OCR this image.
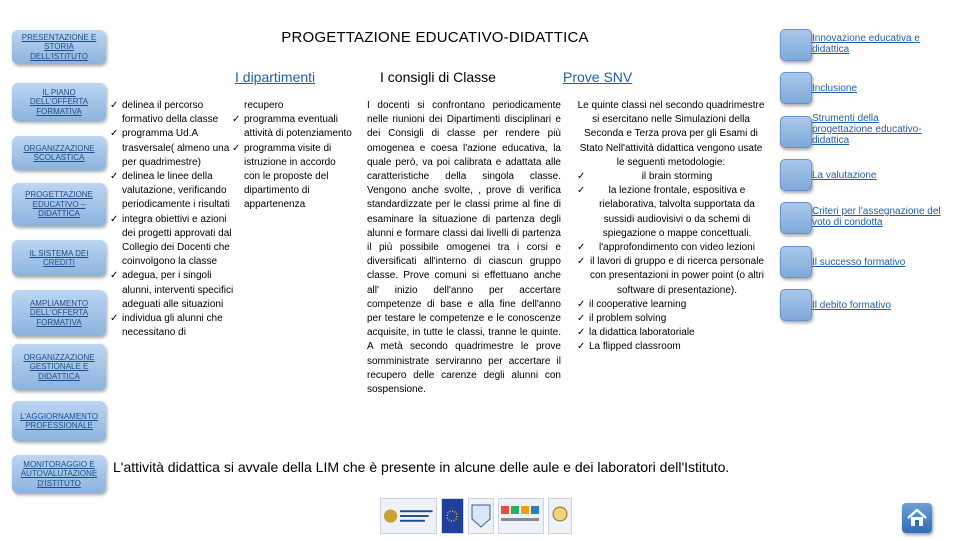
PRESENTAZIONE E STORIA DELL'ISTITUTO
IL PIANO DELL'OFFERTA FORMATIVA
ORGANIZZAZIONE SCOLASTICA
PROGETTAZIONE EDUCATIVO – DIDATTICA
IL SISTEMA DEI CREDITI
AMPLIAMENTO DELL'OFFERTA FORMATIVA
ORGANIZZAZIONE GESTIONALE E DIDATTICA
L'AGGIORNAMENTO PROFESSIONALE
MONITORAGGIO E AUTOVALUTAZIONE D'ISTITUTO
PROGETTAZIONE EDUCATIVO-DIDATTICA
I dipartimenti	I consigli di Classe	Prove SNV
✓ delinea il percorso formativo della classe
✓ programma Ud.A trasversale( almeno una per quadrimestre)
✓ delinea le linee della valutazione, verificando periodicamente i risultati
✓ integra obiettivi e azioni dei progetti approvati dal Collegio dei Docenti che coinvolgono la classe
✓ adegua, per i singoli alunni, interventi specifici adeguati alle situazioni
✓ individua gli alunni che necessitano di
recupero
✓ programma eventuali attività di potenziamento
✓ programma visite di istruzione in accordo con le proposte del dipartimento di appartenenza
I docenti si confrontano periodicamente nelle riunioni dei Dipartimenti disciplinari e dei Consigli di classe per rendere più omogenea e coesa l'azione educativa, la quale però, va poi calibrata e adattata alle caratteristiche della singola classe. Vengono anche svolte, , prove di verifica standardizzate per le classi prime al fine di esaminare la situazione di partenza degli alunni e formare classi dai livelli di partenza il più possibile omogenei tra i corsi e diversificati all'interno di ciascun gruppo classe. Prove comuni si effettuano anche all' inizio dell'anno per accertare competenze di base e alla fine dell'anno per testare le competenze e le conoscenze acquisite, in tutte le classi, tranne le quinte. A metà secondo quadrimestre le prove somministrate serviranno per accertare il recupero delle carenze degli alunni con sospensione.
Le quinte classi nel secondo quadrimestre si esercitano nelle Simulazioni della Seconda e Terza prova per gli Esami di Stato Nell'attività didattica vengono usate le seguenti metodologie:
✓ il brain storming
✓ la lezione frontale, espositiva e rielaborativa, talvolta supportata da sussidi audiovisivi o da schemi di spiegazione o mappe concettuali.
✓ l'approfondimento con video lezioni
✓ il lavori di gruppo e di ricerca personale con presentazioni in power point (o altri software di presentazione).
✓ il cooperative learning
✓ il problem solving
✓ la didattica laboratoriale
✓ La flipped classroom
Innovazione educativa e didattica
Inclusione
Strumenti della progettazione educativo-didattica
La valutazione
Criteri per l'assegnazione del voto di condotta
Il successo formativo
Il debito formativo
L'attività didattica si avvale della LIM che è presente in alcune delle aule e dei laboratori dell'Istituto.
